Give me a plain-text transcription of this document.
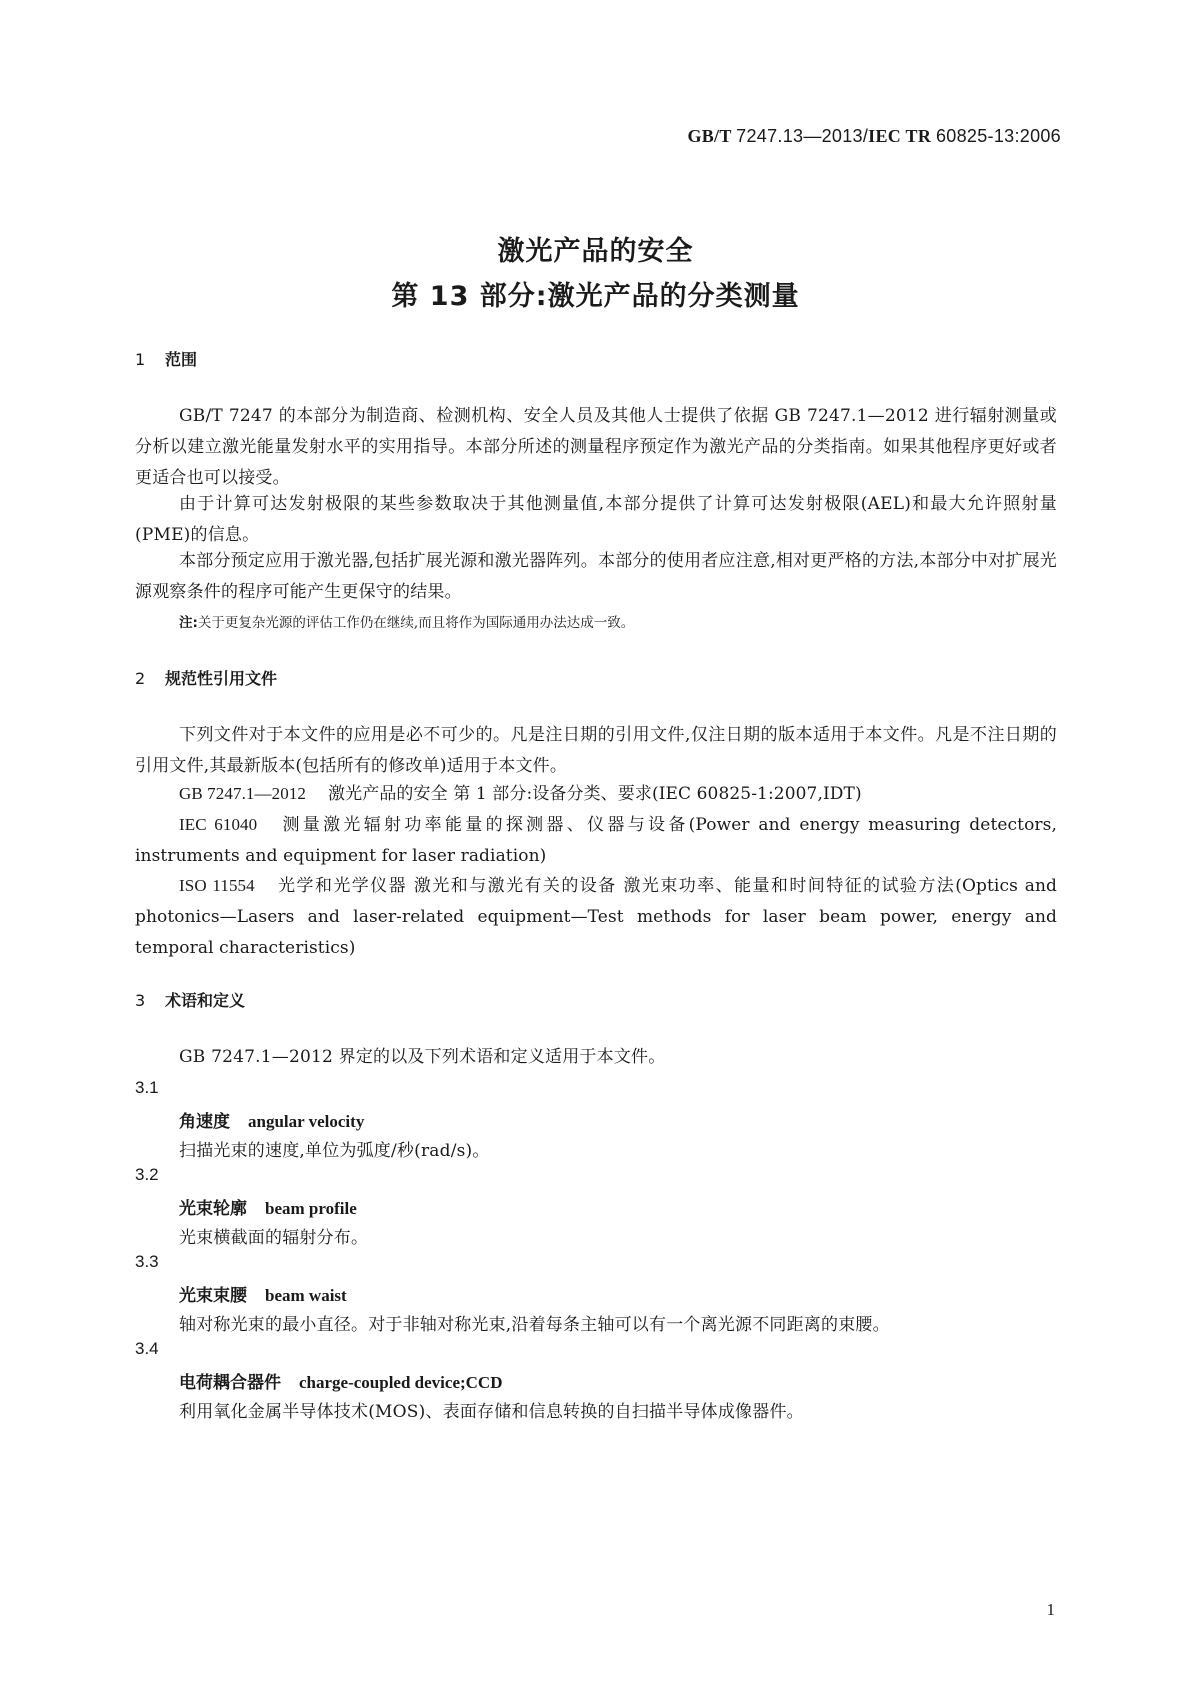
GB/T 7247.13—2013/IEC TR 60825-13:2006
激光产品的安全
第 13 部分:激光产品的分类测量
1 范围
GB/T 7247 的本部分为制造商、检测机构、安全人员及其他人士提供了依据 GB 7247.1—2012 进行辐射测量或分析以建立激光能量发射水平的实用指导。本部分所述的测量程序预定作为激光产品的分类指南。如果其他程序更好或者更适合也可以接受。
由于计算可达发射极限的某些参数取决于其他测量值,本部分提供了计算可达发射极限(AEL)和最大允许照射量(PME)的信息。
本部分预定应用于激光器,包括扩展光源和激光器阵列。本部分的使用者应注意,相对更严格的方法,本部分中对扩展光源观察条件的程序可能产生更保守的结果。
注:关于更复杂光源的评估工作仍在继续,而且将作为国际通用办法达成一致。
2 规范性引用文件
下列文件对于本文件的应用是必不可少的。凡是注日期的引用文件,仅注日期的版本适用于本文件。凡是不注日期的引用文件,其最新版本(包括所有的修改单)适用于本文件。
GB 7247.1—2012 激光产品的安全 第 1 部分:设备分类、要求(IEC 60825-1:2007,IDT)
IEC 61040 测量激光辐射功率能量的探测器、仪器与设备(Power and energy measuring detectors, instruments and equipment for laser radiation)
ISO 11554 光学和光学仪器 激光和与激光有关的设备 激光束功率、能量和时间特征的试验方法(Optics and photonics—Lasers and laser-related equipment—Test methods for laser beam power, energy and temporal characteristics)
3 术语和定义
GB 7247.1—2012 界定的以及下列术语和定义适用于本文件。
3.1
角速度 angular velocity
扫描光束的速度,单位为弧度/秒(rad/s)。
3.2
光束轮廓 beam profile
光束横截面的辐射分布。
3.3
光束束腰 beam waist
轴对称光束的最小直径。对于非轴对称光束,沿着每条主轴可以有一个离光源不同距离的束腰。
3.4
电荷耦合器件 charge-coupled device;CCD
利用氧化金属半导体技术(MOS)、表面存储和信息转换的自扫描半导体成像器件。
1
